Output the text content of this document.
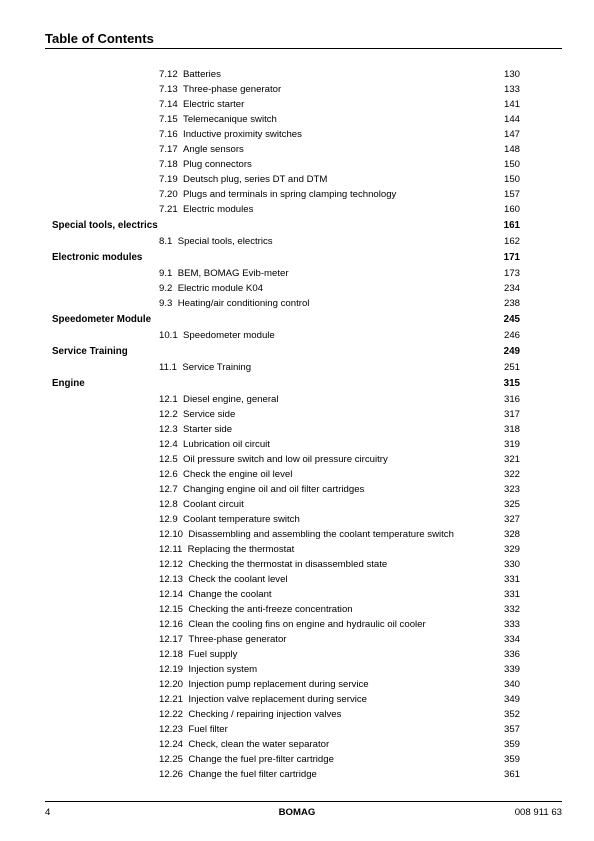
Table of Contents
7.12 Batteries	130
7.13 Three-phase generator	133
7.14 Electric starter	141
7.15 Telemecanique switch	144
7.16 Inductive proximity switches	147
7.17 Angle sensors	148
7.18 Plug connectors	150
7.19 Deutsch plug, series DT and DTM	150
7.20 Plugs and terminals in spring clamping technology	157
7.21 Electric modules	160
Special tools, electrics	161
8.1 Special tools, electrics	162
Electronic modules	171
9.1 BEM, BOMAG Evib-meter	173
9.2 Electric module K04	234
9.3 Heating/air conditioning control	238
Speedometer Module	245
10.1 Speedometer module	246
Service Training	249
11.1 Service Training	251
Engine	315
12.1 Diesel engine, general	316
12.2 Service side	317
12.3 Starter side	318
12.4 Lubrication oil circuit	319
12.5 Oil pressure switch and low oil pressure circuitry	321
12.6 Check the engine oil level	322
12.7 Changing engine oil and oil filter cartridges	323
12.8 Coolant circuit	325
12.9 Coolant temperature switch	327
12.10 Disassembling and assembling the coolant temperature switch	328
12.11 Replacing the thermostat	329
12.12 Checking the thermostat in disassembled state	330
12.13 Check the coolant level	331
12.14 Change the coolant	331
12.15 Checking the anti-freeze concentration	332
12.16 Clean the cooling fins on engine and hydraulic oil cooler	333
12.17 Three-phase generator	334
12.18 Fuel supply	336
12.19 Injection system	339
12.20 Injection pump replacement during service	340
12.21 Injection valve replacement during service	349
12.22 Checking / repairing injection valves	352
12.23 Fuel filter	357
12.24 Check, clean the water separator	359
12.25 Change the fuel pre-filter cartridge	359
12.26 Change the fuel filter cartridge	361
4	BOMAG	008 911 63
